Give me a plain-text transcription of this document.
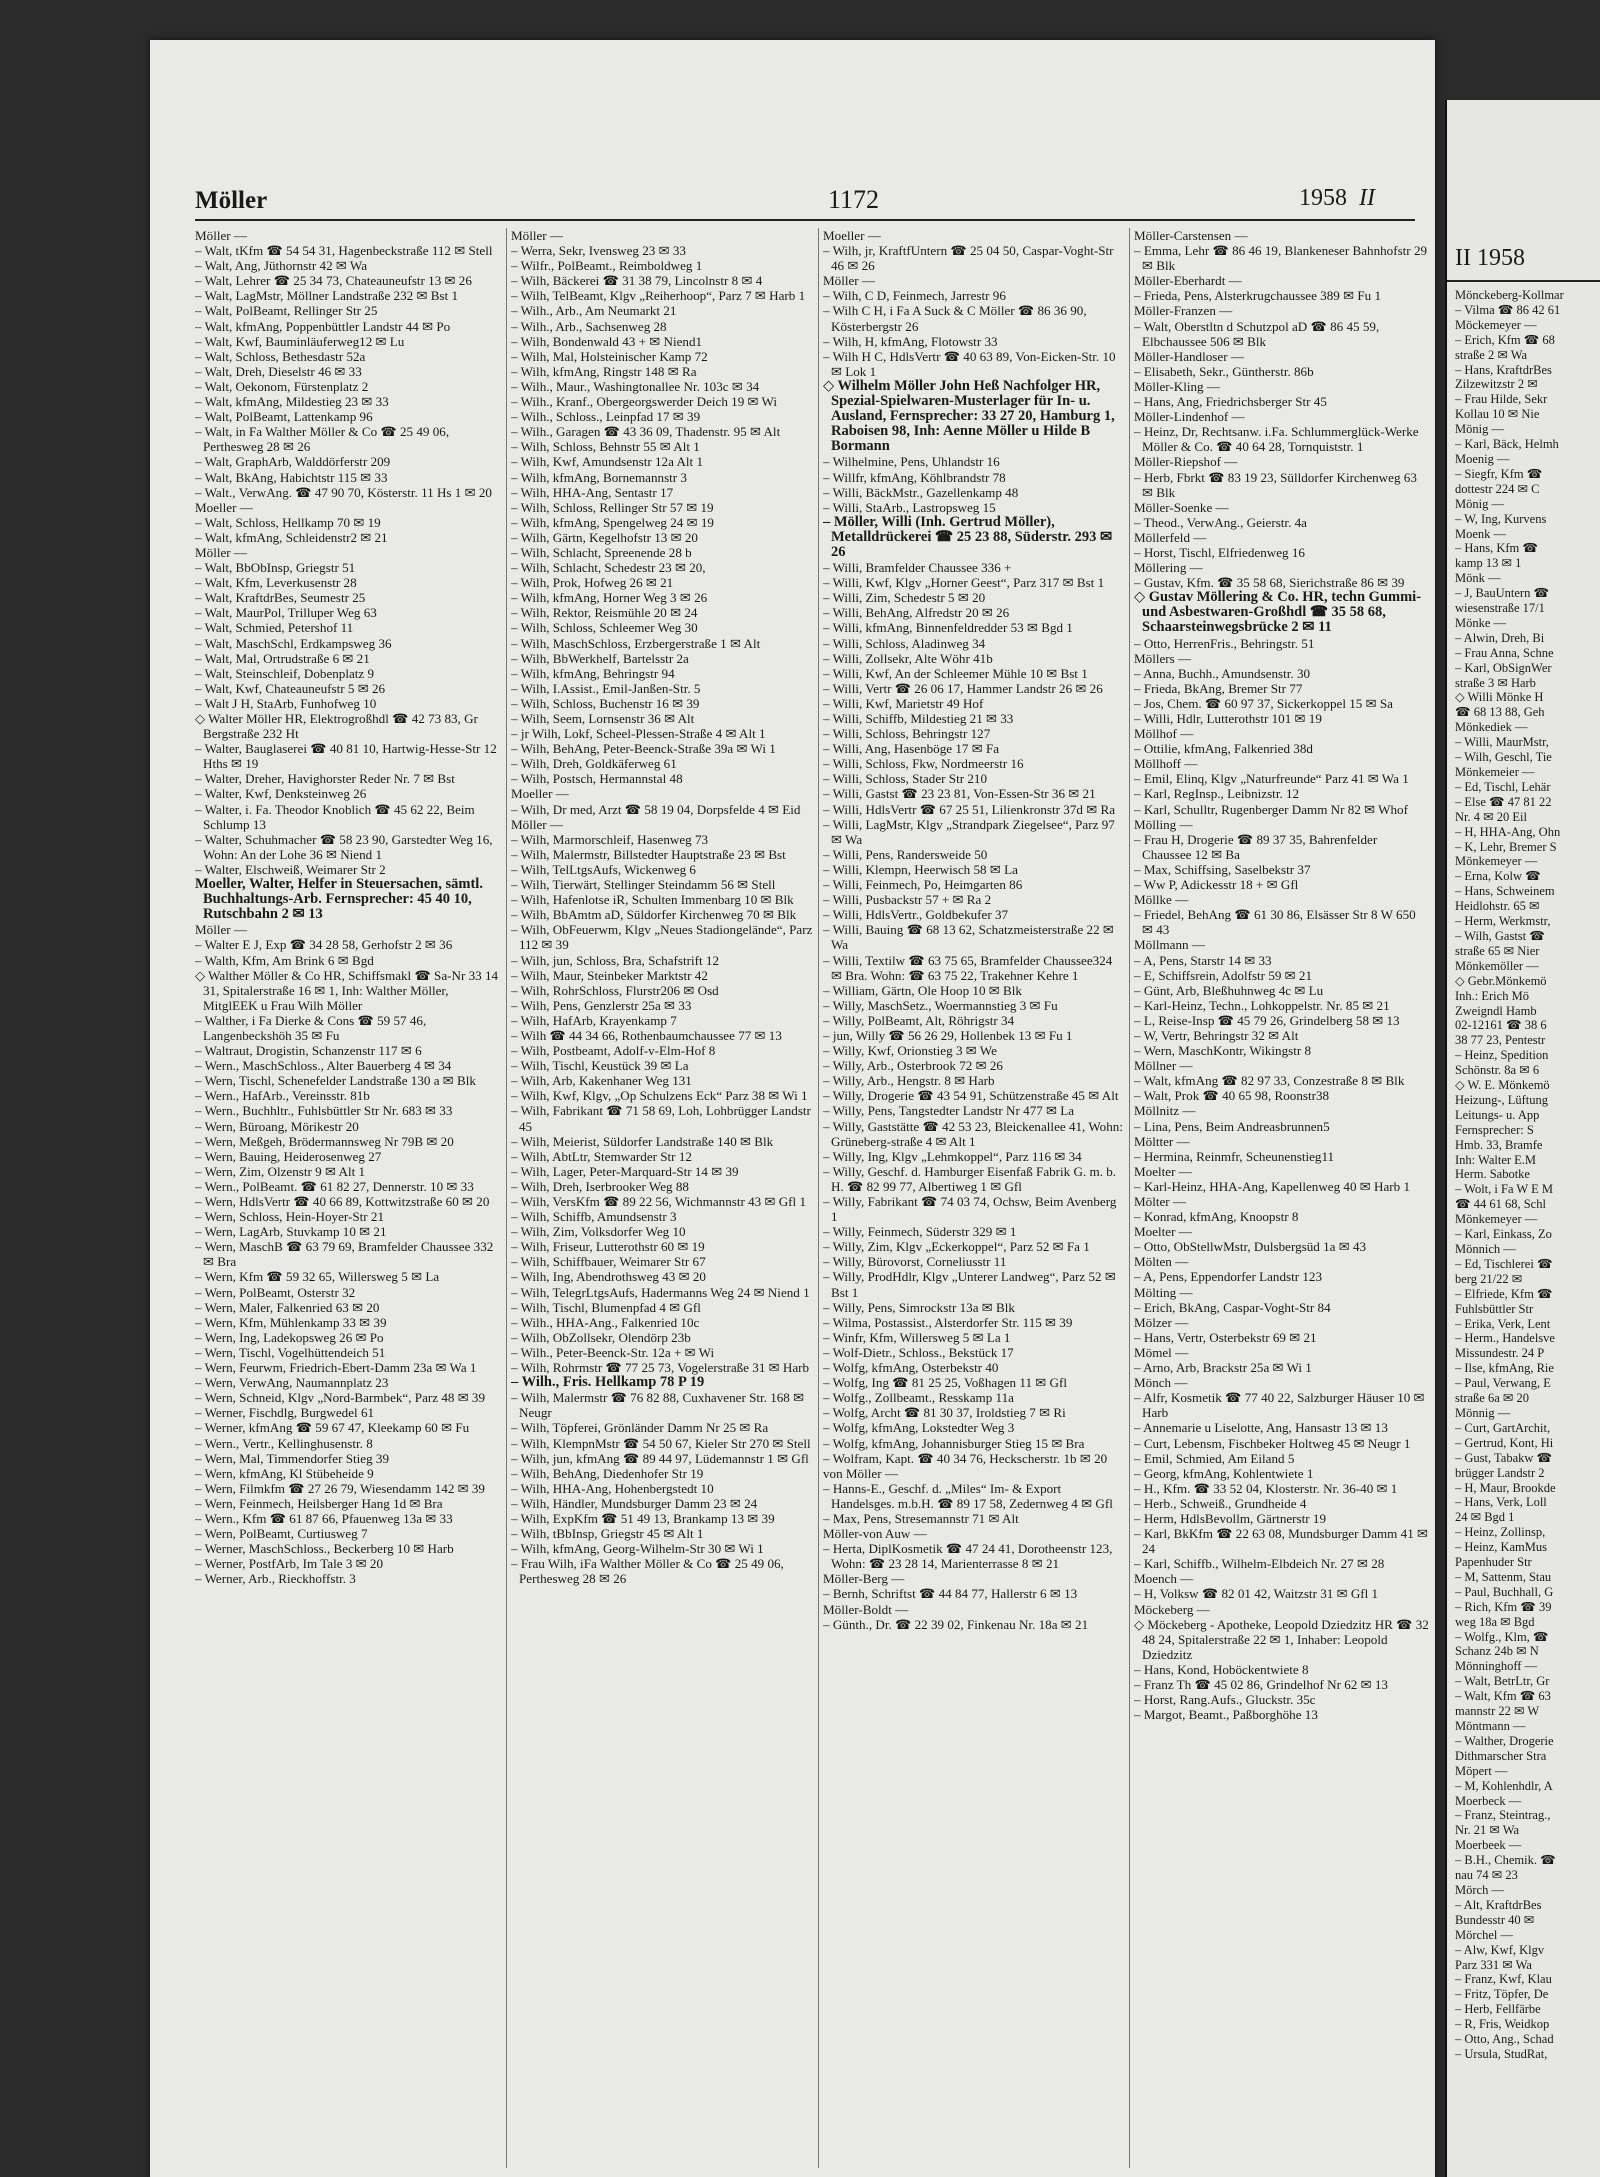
Möller	1172	1958 II

Möller —

– Walt, tKfm ☎ 54 54 31, Hagenbeckstraße 112 ✉ Stell

– Walt, Ang, Jüthornstr 42 ✉ Wa

– Walt, Lehrer ☎ 25 34 73, Chateauneufstr 13 ✉ 26

– Walt, LagMstr, Möllner Landstraße 232 ✉ Bst 1

– Walt, PolBeamt, Rellinger Str 25

– Walt, kfmAng, Poppenbüttler Landstr 44 ✉ Po

– Walt, Kwf, Bauminläuferweg12 ✉ Lu

– Walt, Schloss, Bethesdastr 52a

– Walt, Dreh, Dieselstr 46 ✉ 33

– Walt, Oekonom, Fürstenplatz 2

– Walt, kfmAng, Mildestieg 23 ✉ 33

– Walt, PolBeamt, Lattenkamp 96

– Walt, in Fa Walther Möller & Co ☎ 25 49 06, Perthesweg 28 ✉ 26

– Walt, GraphArb, Walddörferstr 209

– Walt, BkAng, Habichtstr 115 ✉ 33

– Walt., VerwAng. ☎ 47 90 70, Kösterstr. 11 Hs 1 ✉ 20

Moeller —

– Walt, Schloss, Hellkamp 70 ✉ 19

– Walt, kfmAng, Schleidenstr2 ✉ 21

Möller —

– Walt, BbObInsp, Griegstr 51

– Walt, Kfm, Leverkusenstr 28

– Walt, KraftdrBes, Seumestr 25

– Walt, MaurPol, Trilluper Weg 63

– Walt, Schmied, Petershof 11

– Walt, MaschSchl, Erdkampsweg 36

– Walt, Mal, Ortrudstraße 6 ✉ 21

– Walt, Steinschleif, Dobenplatz 9

– Walt, Kwf, Chateauneufstr 5 ✉ 26

– Walt J H, StaArb, Funhofweg 10

◇ Walter Möller HR, Elektrogroßhdl ☎ 42 73 83, Gr Bergstraße 232 Ht

– Walter, Bauglaserei ☎ 40 81 10, Hartwig-Hesse-Str 12 Hths ✉ 19

– Walter, Dreher, Havighorster Reder Nr. 7 ✉ Bst

– Walter, Kwf, Denksteinweg 26

– Walter, i. Fa. Theodor Knoblich ☎ 45 62 22, Beim Schlump 13

– Walter, Schuhmacher ☎ 58 23 90, Garstedter Weg 16, Wohn: An der Lohe 36 ✉ Niend 1

– Walter, Elschweiß, Weimarer Str 2

Moeller, Walter, Helfer in Steuersachen, sämtl. Buchhaltungs-Arb. Fernsprecher: 45 40 10, Rutschbahn 2 ✉ 13

Möller —

– Walter E J, Exp ☎ 34 28 58, Gerhofstr 2 ✉ 36

– Walth, Kfm, Am Brink 6 ✉ Bgd

◇ Walther Möller & Co HR, Schiffsmakl ☎ Sa-Nr 33 14 31, Spitalerstraße 16 ✉ 1, Inh: Walther Möller, MitglEEK u Frau Wilh Möller

– Walther, i Fa Dierke & Cons ☎ 59 57 46, Langenbeckshöh 35 ✉ Fu

– Waltraut, Drogistin, Schanzenstr 117 ✉ 6

– Wern., MaschSchloss., Alter Bauerberg 4 ✉ 34

– Wern, Tischl, Schenefelder Landstraße 130 a ✉ Blk

– Wern., HafArb., Vereinsstr. 81b

– Wern., Buchhltr., Fuhlsbüttler Str Nr. 683 ✉ 33

– Wern, Büroang, Mörikestr 20

– Wern, Meßgeh, Brödermannsweg Nr 79B ✉ 20

– Wern, Bauing, Heiderosenweg 27

– Wern, Zim, Olzenstr 9 ✉ Alt 1

– Wern., PolBeamt. ☎ 61 82 27, Dennerstr. 10 ✉ 33

– Wern, HdlsVertr ☎ 40 66 89, Kottwitzstraße 60 ✉ 20

– Wern, Schloss, Hein-Hoyer-Str 21

– Wern, LagArb, Stuvkamp 10 ✉ 21

– Wern, MaschB ☎ 63 79 69, Bramfelder Chaussee 332 ✉ Bra

– Wern, Kfm ☎ 59 32 65, Willersweg 5 ✉ La

– Wern, PolBeamt, Osterstr 32

– Wern, Maler, Falkenried 63 ✉ 20

– Wern, Kfm, Mühlenkamp 33 ✉ 39

– Wern, Ing, Ladekopsweg 26 ✉ Po

– Wern, Tischl, Vogelhüttendeich 51

– Wern, Feurwm, Friedrich-Ebert-Damm 23a ✉ Wa 1

– Wern, VerwAng, Naumannplatz 23

– Wern, Schneid, Klgv „Nord-Barmbek“, Parz 48 ✉ 39

– Werner, Fischdlg, Burgwedel 61

– Werner, kfmAng ☎ 59 67 47, Kleekamp 60 ✉ Fu

– Wern., Vertr., Kellinghusenstr. 8

– Wern, Mal, Timmendorfer Stieg 39

– Wern, kfmAng, Kl Stübeheide 9

– Wern, Filmkfm ☎ 27 26 79, Wiesendamm 142 ✉ 39

– Wern, Feinmech, Heilsberger Hang 1d ✉ Bra

– Wern., Kfm ☎ 61 87 66, Pfauenweg 13a ✉ 33

– Wern, PolBeamt, Curtiusweg 7

– Werner, MaschSchloss., Beckerberg 10 ✉ Harb

– Werner, PostfArb, Im Tale 3 ✉ 20

– Werner, Arb., Rieckhoffstr. 3

Möller —

– Werra, Sekr, Ivensweg 23 ✉ 33

– Wilfr., PolBeamt., Reimboldweg 1

– Wilh, Bäckerei ☎ 31 38 79, Lincolnstr 8 ✉ 4

– Wilh, TelBeamt, Klgv „Reiherhoop“, Parz 7 ✉ Harb 1

– Wilh., Arb., Am Neumarkt 21

– Wilh., Arb., Sachsenweg 28

– Wilh, Bondenwald 43 + ✉ Niend1

– Wilh, Mal, Holsteinischer Kamp 72

– Wilh, kfmAng, Ringstr 148 ✉ Ra

– Wilh., Maur., Washingtonallee Nr. 103c ✉ 34

– Wilh., Kranf., Obergeorgswerder Deich 19 ✉ Wi

– Wilh., Schloss., Leinpfad 17 ✉ 39

– Wilh., Garagen ☎ 43 36 09, Thadenstr. 95 ✉ Alt

– Wilh, Schloss, Behnstr 55 ✉ Alt 1

– Wilh, Kwf, Amundsenstr 12a Alt 1

– Wilh, kfmAng, Bornemannstr 3

– Wilh, HHA-Ang, Sentastr 17

– Wilh, Schloss, Rellinger Str 57 ✉ 19

– Wilh, kfmAng, Spengelweg 24 ✉ 19

– Wilh, Gärtn, Kegelhofstr 13 ✉ 20

– Wilh, Schlacht, Spreenende 28 b

– Wilh, Schlacht, Schedestr 23 ✉ 20,

– Wilh, Prok, Hofweg 26 ✉ 21

– Wilh, kfmAng, Horner Weg 3 ✉ 26

– Wilh, Rektor, Reismühle 20 ✉ 24

– Wilh, Schloss, Schleemer Weg 30

– Wilh, MaschSchloss, Erzbergerstraße 1 ✉ Alt

– Wilh, BbWerkhelf, Bartelsstr 2a

– Wilh, kfmAng, Behringstr 94

– Wilh, I.Assist., Emil-Janßen-Str. 5

– Wilh, Schloss, Buchenstr 16 ✉ 39

– Wilh, Seem, Lornsenstr 36 ✉ Alt

– jr Wilh, Lokf, Scheel-Plessen-Straße 4 ✉ Alt 1

– Wilh, BehAng, Peter-Beenck-Straße 39a ✉ Wi 1

– Wilh, Dreh, Goldkäferweg 61

– Wilh, Postsch, Hermannstal 48

Moeller —

– Wilh, Dr med, Arzt ☎ 58 19 04, Dorpsfelde 4 ✉ Eid

Möller —

– Wilh, Marmorschleif, Hasenweg 73

– Wilh, Malermstr, Billstedter Hauptstraße 23 ✉ Bst

– Wilh, TelLtgsAufs, Wickenweg 6

– Wilh, Tierwärt, Stellinger Steindamm 56 ✉ Stell

– Wilh, Hafenlotse iR, Schulten Immenbarg 10 ✉ Blk

– Wilh, BbAmtm aD, Süldorfer Kirchenweg 70 ✉ Blk

– Wilh, ObFeuerwm, Klgv „Neues Stadiongelände“, Parz 112 ✉ 39

– Wilh, jun, Schloss, Bra, Schafstrift 12

– Wilh, Maur, Steinbeker Marktstr 42

– Wilh, RohrSchloss, Flurstr206 ✉ Osd

– Wilh, Pens, Genzlerstr 25a ✉ 33

– Wilh, HafArb, Krayenkamp 7

– Wilh ☎ 44 34 66, Rothenbaumchaussee 77 ✉ 13

– Wilh, Postbeamt, Adolf-v-Elm-Hof 8

– Wilh, Tischl, Keustück 39 ✉ La

– Wilh, Arb, Kakenhaner Weg 131

– Wilh, Kwf, Klgv, „Op Schulzens Eck“ Parz 38 ✉ Wi 1

– Wilh, Fabrikant ☎ 71 58 69, Loh, Lohbrügger Landstr 45

– Wilh, Meierist, Süldorfer Landstraße 140 ✉ Blk

– Wilh, AbtLtr, Stemwarder Str 12

– Wilh, Lager, Peter-Marquard-Str 14 ✉ 39

– Wilh, Dreh, Iserbrooker Weg 88

– Wilh, VersKfm ☎ 89 22 56, Wichmannstr 43 ✉ Gfl 1

– Wilh, Schiffb, Amundsenstr 3

– Wilh, Zim, Volksdorfer Weg 10

– Wilh, Friseur, Lutterothstr 60 ✉ 19

– Wilh, Schiffbauer, Weimarer Str 67

– Wilh, Ing, Abendrothsweg 43 ✉ 20

– Wilh, TelegrLtgsAufs, Hadermanns Weg 24 ✉ Niend 1

– Wilh, Tischl, Blumenpfad 4 ✉ Gfl

– Wilh., HHA-Ang., Falkenried 10c

– Wilh, ObZollsekr, Olendörp 23b

– Wilh., Peter-Beenck-Str. 12a + ✉ Wi

– Wilh, Rohrmstr ☎ 77 25 73, Vogelerstraße 31 ✉ Harb

– Wilh., Fris. Hellkamp 78 P 19

– Wilh, Malermstr ☎ 76 82 88, Cuxhavener Str. 168 ✉ Neugr

– Wilh, Töpferei, Grönländer Damm Nr 25 ✉ Ra

– Wilh, KlempnMstr ☎ 54 50 67, Kieler Str 270 ✉ Stell

– Wilh, jun, kfmAng ☎ 89 44 97, Lüdemannstr 1 ✉ Gfl

– Wilh, BehAng, Diedenhofer Str 19

– Wilh, HHA-Ang, Hohenbergstedt 10

– Wilh, Händler, Mundsburger Damm 23 ✉ 24

– Wilh, ExpKfm ☎ 51 49 13, Brankamp 13 ✉ 39

– Wilh, tBbInsp, Griegstr 45 ✉ Alt 1

– Wilh, kfmAng, Georg-Wilhelm-Str 30 ✉ Wi 1

– Frau Wilh, iFa Walther Möller & Co ☎ 25 49 06, Perthesweg 28 ✉ 26

Moeller —

– Wilh, jr, KraftfUntern ☎ 25 04 50, Caspar-Voght-Str 46 ✉ 26

Möller —

– Wilh, C D, Feinmech, Jarrestr 96

– Wilh C H, i Fa A Suck & C Möller ☎ 86 36 90, Kösterbergstr 26

– Wilh, H, kfmAng, Flotowstr 33

– Wilh H C, HdlsVertr ☎ 40 63 89, Von-Eicken-Str. 10 ✉ Lok 1

◇ Wilhelm Möller John Heß Nachfolger HR, Spezial-Spielwaren-Musterlager für In- u. Ausland, Fernsprecher: 33 27 20, Hamburg 1, Raboisen 98, Inh: Aenne Möller u Hilde B Bormann

– Wilhelmine, Pens, Uhlandstr 16

– Willfr, kfmAng, Köhlbrandstr 78

– Willi, BäckMstr., Gazellenkamp 48

– Willi, StaArb., Lastropsweg 15

– Möller, Willi (Inh. Gertrud Möller), Metalldrückerei ☎ 25 23 88, Süderstr. 293 ✉ 26

– Willi, Bramfelder Chaussee 336 +

– Willi, Kwf, Klgv „Horner Geest“, Parz 317 ✉ Bst 1

– Willi, Zim, Schedestr 5 ✉ 20

– Willi, BehAng, Alfredstr 20 ✉ 26

– Willi, kfmAng, Binnenfeldredder 53 ✉ Bgd 1

– Willi, Schloss, Aladinweg 34

– Willi, Zollsekr, Alte Wöhr 41b

– Willi, Kwf, An der Schleemer Mühle 10 ✉ Bst 1

– Willi, Vertr ☎ 26 06 17, Hammer Landstr 26 ✉ 26

– Willi, Kwf, Marietstr 49 Hof

– Willi, Schiffb, Mildestieg 21 ✉ 33

– Willi, Schloss, Behringstr 127

– Willi, Ang, Hasenböge 17 ✉ Fa

– Willi, Schloss, Fkw, Nordmeerstr 16

– Willi, Schloss, Stader Str 210

– Willi, Gastst ☎ 23 23 81, Von-Essen-Str 36 ✉ 21

– Willi, HdlsVertr ☎ 67 25 51, Lilienkronstr 37d ✉ Ra

– Willi, LagMstr, Klgv „Strandpark Ziegelsee“, Parz 97 ✉ Wa

– Willi, Pens, Randersweide 50

– Willi, Klempn, Heerwisch 58 ✉ La

– Willi, Feinmech, Po, Heimgarten 86

– Willi, Pusbackstr 57 + ✉ Ra 2

– Willi, HdlsVertr., Goldbekufer 37

– Willi, Bauing ☎ 68 13 62, Schatzmeisterstraße 22 ✉ Wa

– Willi, Textilw ☎ 63 75 65, Bramfelder Chaussee324 ✉ Bra. Wohn: ☎ 63 75 22, Trakehner Kehre 1

– William, Gärtn, Ole Hoop 10 ✉ Blk

– Willy, MaschSetz., Woermannstieg 3 ✉ Fu

– Willy, PolBeamt, Alt, Röhrigstr 34

– jun, Willy ☎ 56 26 29, Hollenbek 13 ✉ Fu 1

– Willy, Kwf, Orionstieg 3 ✉ We

– Willy, Arb., Osterbrook 72 ✉ 26

– Willy, Arb., Hengstr. 8 ✉ Harb

– Willy, Drogerie ☎ 43 54 91, Schützenstraße 45 ✉ Alt

– Willy, Pens, Tangstedter Landstr Nr 477 ✉ La

– Willy, Gaststätte ☎ 42 53 23, Bleickenallee 41, Wohn: Grüneberg-straße 4 ✉ Alt 1

– Willy, Ing, Klgv „Lehmkoppel“, Parz 116 ✉ 34

– Willy, Geschf. d. Hamburger Eisenfaß Fabrik G. m. b. H. ☎ 82 99 77, Albertiweg 1 ✉ Gfl

– Willy, Fabrikant ☎ 74 03 74, Ochsw, Beim Avenberg 1

– Willy, Feinmech, Süderstr 329 ✉ 1

– Willy, Zim, Klgv „Eckerkoppel“, Parz 52 ✉ Fa 1

– Willy, Bürovorst, Corneliusstr 11

– Willy, ProdHdlr, Klgv „Unterer Landweg“, Parz 52 ✉ Bst 1

– Willy, Pens, Simrockstr 13a ✉ Blk

– Wilma, Postassist., Alsterdorfer Str. 115 ✉ 39

– Winfr, Kfm, Willersweg 5 ✉ La 1

– Wolf-Dietr., Schloss., Bekstück 17

– Wolfg, kfmAng, Osterbekstr 40

– Wolfg, Ing ☎ 81 25 25, Voßhagen 11 ✉ Gfl

– Wolfg., Zollbeamt., Resskamp 11a

– Wolfg, Archt ☎ 81 30 37, Iroldstieg 7 ✉ Ri

– Wolfg, kfmAng, Lokstedter Weg 3

– Wolfg, kfmAng, Johannisburger Stieg 15 ✉ Bra

– Wolfram, Kapt. ☎ 40 34 76, Heckscherstr. 1b ✉ 20

von Möller —

– Hanns-E., Geschf. d. „Miles“ Im- & Export Handelsges. m.b.H. ☎ 89 17 58, Zedernweg 4 ✉ Gfl

– Max, Pens, Stresemannstr 71 ✉ Alt

Möller-von Auw —

– Herta, DiplKosmetik ☎ 47 24 41, Dorotheenstr 123, Wohn: ☎ 23 28 14, Marienterrasse 8 ✉ 21

Möller-Berg —

– Bernh, Schriftst ☎ 44 84 77, Hallerstr 6 ✉ 13

Möller-Boldt —

– Günth., Dr. ☎ 22 39 02, Finkenau Nr. 18a ✉ 21

Möller-Carstensen —

– Emma, Lehr ☎ 86 46 19, Blankeneser Bahnhofstr 29 ✉ Blk

Möller-Eberhardt —

– Frieda, Pens, Alsterkrugchaussee 389 ✉ Fu 1

Möller-Franzen —

– Walt, Oberstltn d Schutzpol aD ☎ 86 45 59, Elbchaussee 506 ✉ Blk

Möller-Handloser —

– Elisabeth, Sekr., Güntherstr. 86b

Möller-Kling —

– Hans, Ang, Friedrichsberger Str 45

Möller-Lindenhof —

– Heinz, Dr, Rechtsanw. i.Fa. Schlummerglück-Werke Möller & Co. ☎ 40 64 28, Tornquiststr. 1

Möller-Riepshof —

– Herb, Fbrkt ☎ 83 19 23, Sülldorfer Kirchenweg 63 ✉ Blk

Möller-Soenke —

– Theod., VerwAng., Geierstr. 4a

Möllerfeld —

– Horst, Tischl, Elfriedenweg 16

Möllering —

– Gustav, Kfm. ☎ 35 58 68, Sierichstraße 86 ✉ 39

◇ Gustav Möllering & Co. HR, techn Gummi- und Asbestwaren-Großhdl ☎ 35 58 68, Schaarsteinwegsbrücke 2 ✉ 11

– Otto, HerrenFris., Behringstr. 51

Möllers —

– Anna, Buchh., Amundsenstr. 30

– Frieda, BkAng, Bremer Str 77

– Jos, Chem. ☎ 60 97 37, Sickerkoppel 15 ✉ Sa

– Willi, Hdlr, Lutterothstr 101 ✉ 19

Möllhof —

– Ottilie, kfmAng, Falkenried 38d

Möllhoff —

– Emil, Elinq, Klgv „Naturfreunde“ Parz 41 ✉ Wa 1

– Karl, RegInsp., Leibnizstr. 12

– Karl, Schulltr, Rugenberger Damm Nr 82 ✉ Whof

Mölling —

– Frau H, Drogerie ☎ 89 37 35, Bahrenfelder Chaussee 12 ✉ Ba

– Max, Schiffsing, Saselbekstr 37

– Ww P, Adickesstr 18 + ✉ Gfl

Möllke —

– Friedel, BehAng ☎ 61 30 86, Elsässer Str 8 W 650 ✉ 43

Möllmann —

– A, Pens, Starstr 14 ✉ 33

– E, Schiffsrein, Adolfstr 59 ✉ 21

– Günt, Arb, Bleßhuhnweg 4c ✉ Lu

– Karl-Heinz, Techn., Lohkoppelstr. Nr. 85 ✉ 21

– L, Reise-Insp ☎ 45 79 26, Grindelberg 58 ✉ 13

– W, Vertr, Behringstr 32 ✉ Alt

– Wern, MaschKontr, Wikingstr 8

Möllner —

– Walt, kfmAng ☎ 82 97 33, Conzestraße 8 ✉ Blk

– Walt, Prok ☎ 40 65 98, Roonstr38

Möllnitz —

– Lina, Pens, Beim Andreasbrunnen5

Möltter —

– Hermina, Reinmfr, Scheunenstieg11

Moelter —

– Karl-Heinz, HHA-Ang, Kapellenweg 40 ✉ Harb 1

Mölter —

– Konrad, kfmAng, Knoopstr 8

Moelter —

– Otto, ObStellwMstr, Dulsbergsüd 1a ✉ 43

Mölten —

– A, Pens, Eppendorfer Landstr 123

Mölting —

– Erich, BkAng, Caspar-Voght-Str 84

Mölzer —

– Hans, Vertr, Osterbekstr 69 ✉ 21

Mömel —

– Arno, Arb, Brackstr 25a ✉ Wi 1

Mönch —

– Alfr, Kosmetik ☎ 77 40 22, Salzburger Häuser 10 ✉ Harb

– Annemarie u Liselotte, Ang, Hansastr 13 ✉ 13

– Curt, Lebensm, Fischbeker Holtweg 45 ✉ Neugr 1

– Emil, Schmied, Am Eiland 5

– Georg, kfmAng, Kohlentwiete 1

– H., Kfm. ☎ 33 52 04, Klosterstr. Nr. 36-40 ✉ 1

– Herb., Schweiß., Grundheide 4

– Herm, HdlsBevollm, Gärtnerstr 19

– Karl, BkKfm ☎ 22 63 08, Mundsburger Damm 41 ✉ 24

– Karl, Schiffb., Wilhelm-Elbdeich Nr. 27 ✉ 28

Moench —

– H, Volksw ☎ 82 01 42, Waitzstr 31 ✉ Gfl 1

Möckeberg —

◇ Möckeberg - Apotheke, Leopold Dziedzitz HR ☎ 32 48 24, Spitalerstraße 22 ✉ 1, Inhaber: Leopold Dziedzitz

– Hans, Kond, Hoböckentwiete 8

– Franz Th ☎ 45 02 86, Grindelhof Nr 62 ✉ 13

– Horst, Rang.Aufs., Gluckstr. 35c

– Margot, Beamt., Paßborghöhe 13

II 1958
Mönckeberg-Kollmar
– Vilma ☎ 86 42 61
Möckemeyer —
– Erich, Kfm ☎ 68
straße 2 ✉ Wa
– Hans, KraftdrBes
Zilzewitzstr 2 ✉
– Frau Hilde, Sekr
Kollau 10 ✉ Nie
Mönig —
– Karl, Bäck, Helmh
Moenig —
– Siegfr, Kfm ☎
dottestr 224 ✉ C
Mönig —
– W, Ing, Kurvens
Moenk —
– Hans, Kfm ☎
kamp 13 ✉ 1
Mönk —
– J, BauUntern ☎
wiesenstraße 17/1
Mönke —
– Alwin, Dreh, Bi
– Frau Anna, Schne
– Karl, ObSignWer
straße 3 ✉ Harb
◇ Willi Mönke H
☎ 68 13 88, Geh
Mönkediek —
– Willi, MaurMstr,
– Wilh, Geschl, Tie
Mönkemeier —
– Ed, Tischl, Lehär
– Else ☎ 47 81 22
Nr. 4 ✉ 20 Eil
– H, HHA-Ang, Ohn
– K, Lehr, Bremer S
Mönkemeyer —
– Erna, Kolw ☎
– Hans, Schweinem
Heidlohstr. 65 ✉
– Herm, Werkmstr,
– Wilh, Gastst ☎
straße 65 ✉ Nier
Mönkemöller —
◇ Gebr.Mönkemö
Inh.: Erich Mö
Zweigndl Hamb
02-12161 ☎ 38 6
38 77 23, Pentestr
– Heinz, Spedition
Schönstr. 8a ✉ 6
◇ W. E. Mönkemö
Heizung-, Lüftung
Leitungs- u. App
Fernsprecher: S
Hmb. 33, Bramfe
Inh: Walter E.M
Herm. Sabotke
– Wolt, i Fa W E M
☎ 44 61 68, Schl
Mönkemeyer —
– Karl, Einkass, Zo
Mönnich —
– Ed, Tischlerei ☎
berg 21/22 ✉
– Elfriede, Kfm ☎
Fuhlsbüttler Str
– Erika, Verk, Lent
– Herm., Handelsve
Missundestr. 24 P
– Ilse, kfmAng, Rie
– Paul, Verwang, E
straße 6a ✉ 20
Mönnig —
– Curt, GartArchit,
– Gertrud, Kont, Hi
– Gust, Tabakw ☎
brügger Landstr 2
– H, Maur, Brookde
– Hans, Verk, Loll
24 ✉ Bgd 1
– Heinz, Zollinsp,
– Heinz, KamMus
Papenhuder Str
– M, Sattenm, Stau
– Paul, Buchhall, G
– Rich, Kfm ☎ 39
weg 18a ✉ Bgd
– Wolfg., Klm, ☎
Schanz 24b ✉ N
Mönninghoff —
– Walt, BetrLtr, Gr
– Walt, Kfm ☎ 63
mannstr 22 ✉ W
Möntmann —
– Walther, Drogerie
Dithmarscher Stra
Möpert —
– M, Kohlenhdlr, A
Moerbeck —
– Franz, Steintrag.,
Nr. 21 ✉ Wa
Moerbeek —
– B.H., Chemik. ☎
nau 74 ✉ 23
Mörch —
– Alt, KraftdrBes
Bundesstr 40 ✉
Mörchel —
– Alw, Kwf, Klgv
Parz 331 ✉ Wa
– Franz, Kwf, Klau
– Fritz, Töpfer, De
– Herb, Fellfärbe
– R, Fris, Weidkop
– Otto, Ang., Schad
– Ursula, StudRat,
